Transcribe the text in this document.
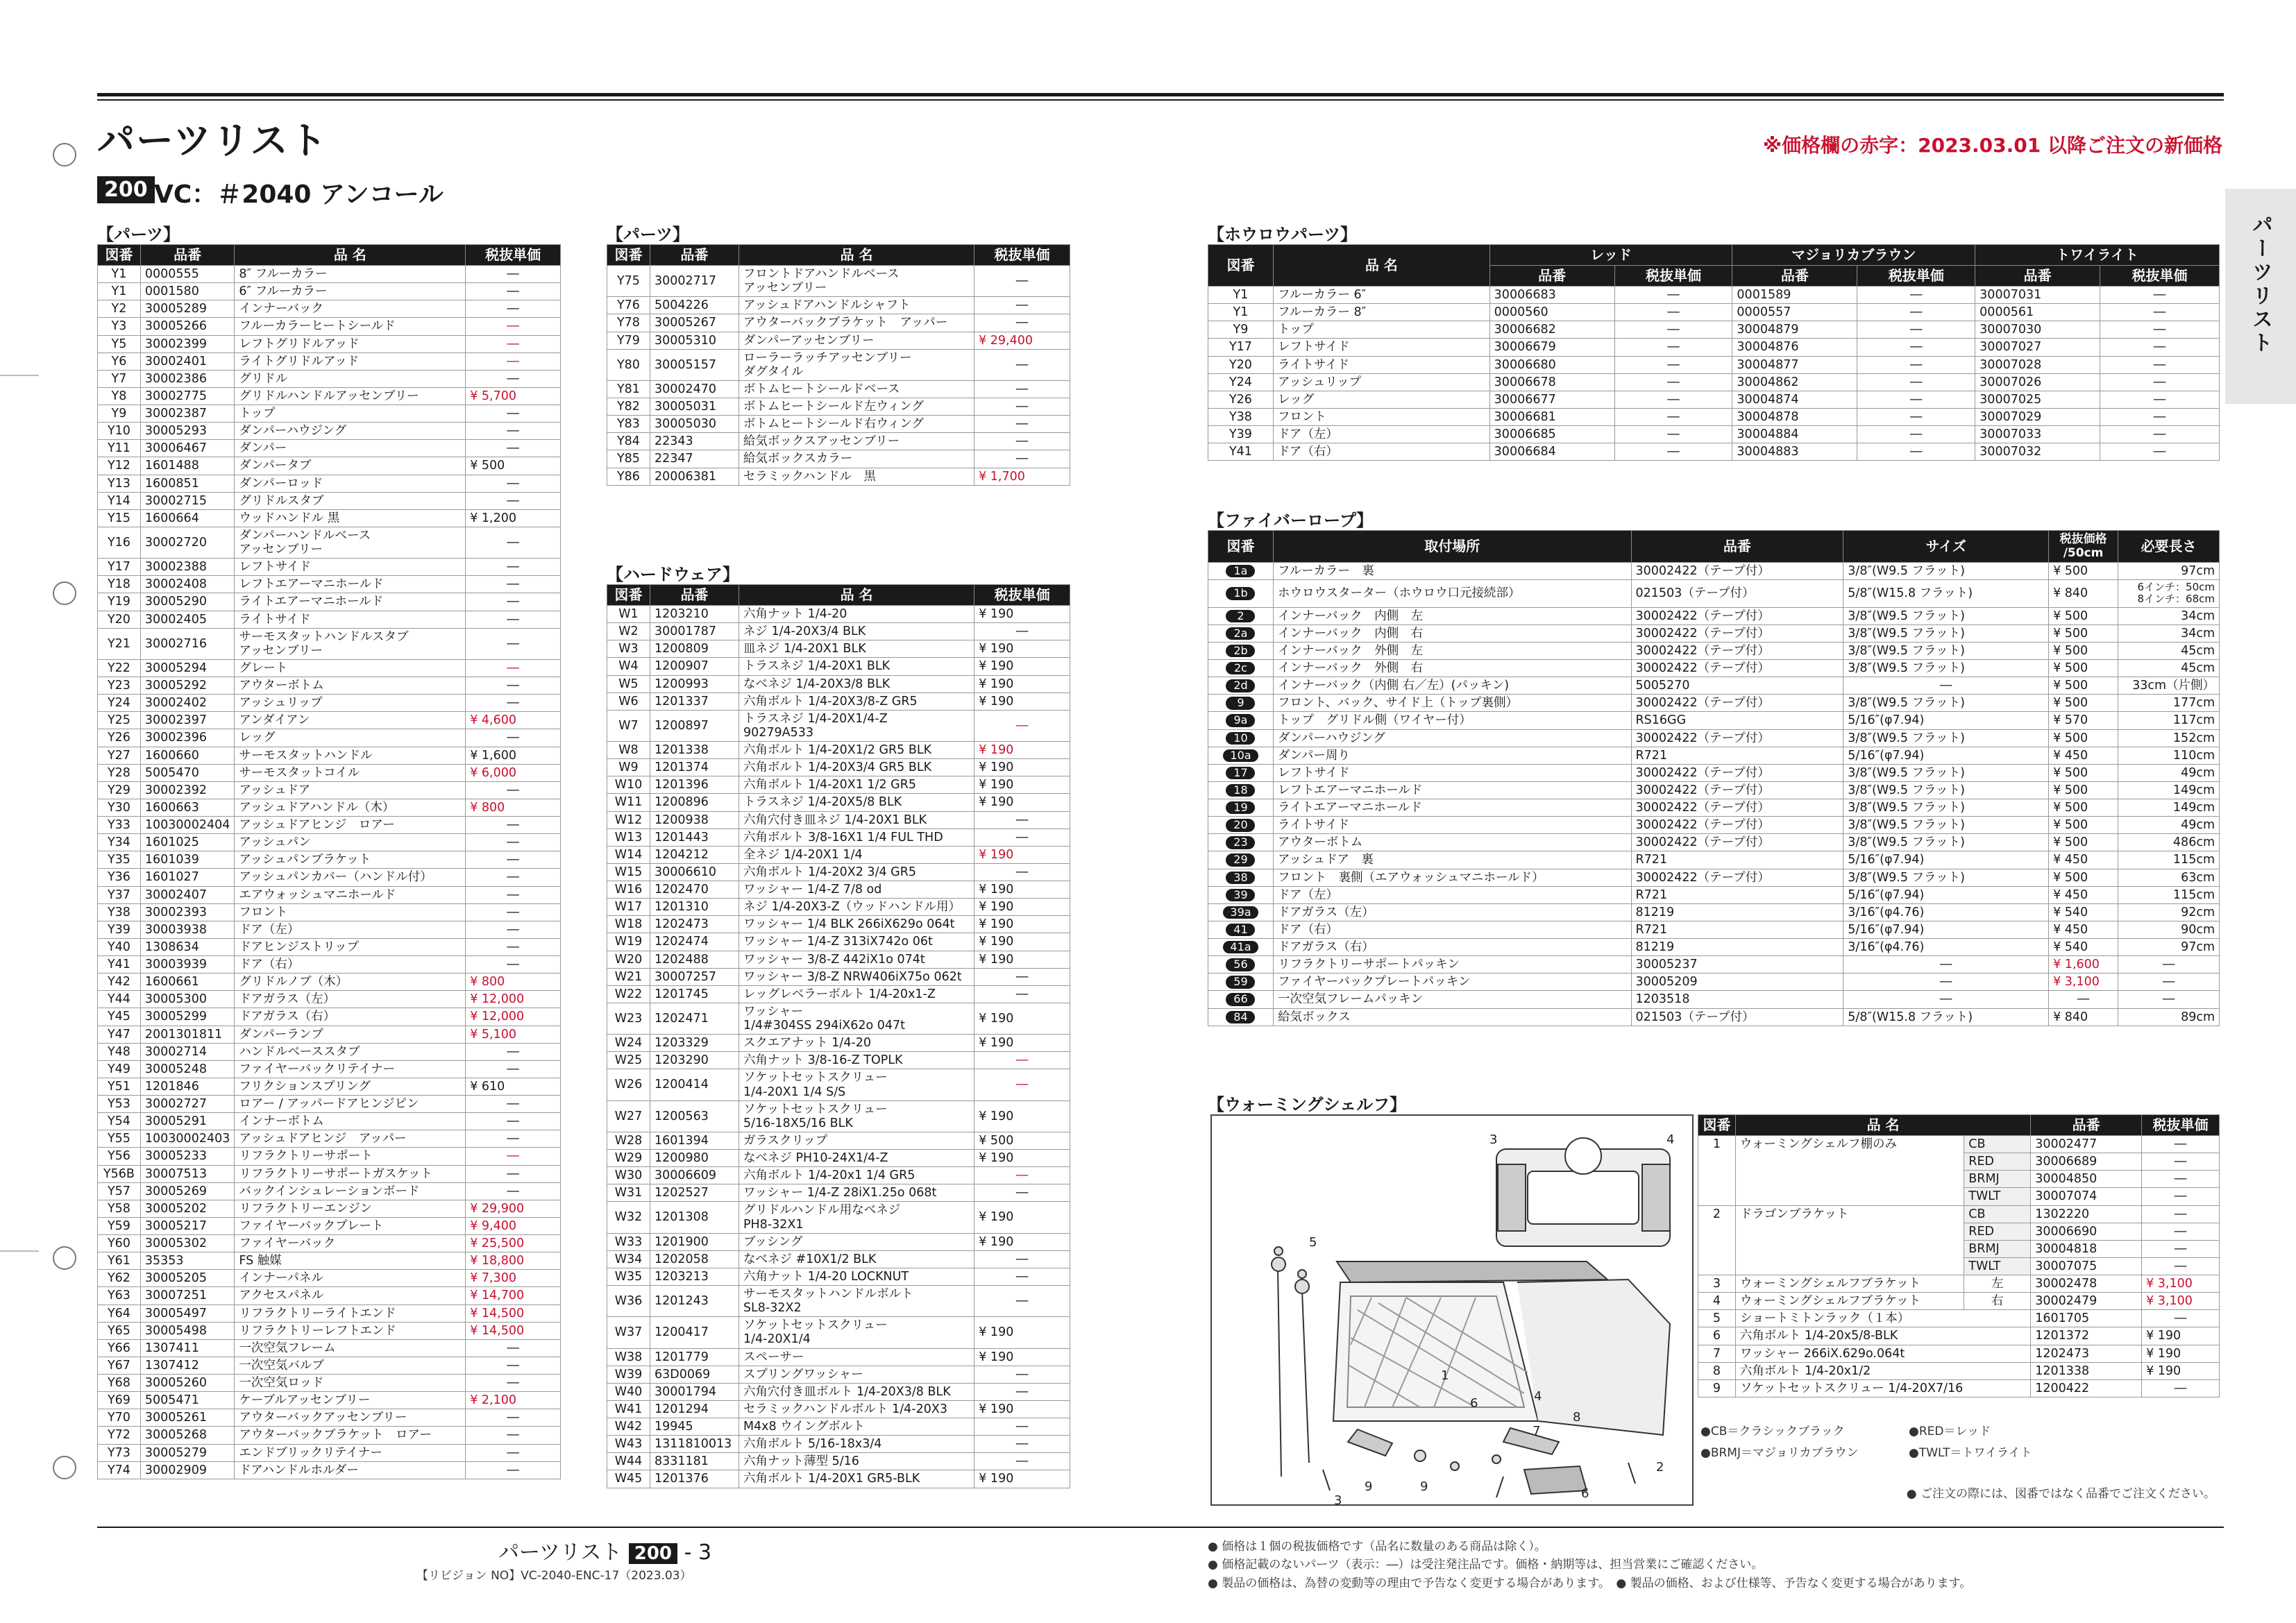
パーツリスト	※価格欄の赤字：2023.03.01 以降ご注文の新価格
200 VC：＃2040 アンコール
パーツリスト
【パーツ】
図番	品番	品 名	税抜単価
Y1	0000555	8″ フルーカラー	―
Y1	0001580	6″ フルーカラー	―
Y2	30005289	インナーバック	―
Y3	30005266	フルーカラーヒートシールド	―
Y5	30002399	レフトグリドルアッド	―
Y6	30002401	ライトグリドルアッド	―
Y7	30002386	グリドル	―
Y8	30002775	グリドルハンドルアッセンブリー	¥ 5,700
Y9	30002387	トップ	―
Y10	30005293	ダンパーハウジング	―
Y11	30006467	ダンパー	―
Y12	1601488	ダンパータブ	¥ 500
Y13	1600851	ダンパーロッド	―
Y14	30002715	グリドルスタブ	―
Y15	1600664	ウッドハンドル 黒	¥ 1,200
Y16	30002720	ダンパーハンドルベース
アッセンブリー	―
Y17	30002388	レフトサイド	―
Y18	30002408	レフトエアーマニホールド	―
Y19	30005290	ライトエアーマニホールド	―
Y20	30002405	ライトサイド	―
Y21	30002716	サーモスタットハンドルスタブ
アッセンブリー	―
Y22	30005294	グレート	―
Y23	30005292	アウターボトム	―
Y24	30002402	アッシュリップ	―
Y25	30002397	アンダイアン	¥ 4,600
Y26	30002396	レッグ	―
Y27	1600660	サーモスタットハンドル	¥ 1,600
Y28	5005470	サーモスタットコイル	¥ 6,000
Y29	30002392	アッシュドア	―
Y30	1600663	アッシュドアハンドル（木）	¥ 800
Y33	10030002404	アッシュドアヒンジ　ロアー	―
Y34	1601025	アッシュパン	―
Y35	1601039	アッシュパンブラケット	―
Y36	1601027	アッシュパンカバー（ハンドル付）	―
Y37	30002407	エアウォッシュマニホールド	―
Y38	30002393	フロント	―
Y39	30003938	ドア（左）	―
Y40	1308634	ドアヒンジストリップ	―
Y41	30003939	ドア（右）	―
Y42	1600661	グリドルノブ（木）	¥ 800
Y44	30005300	ドアガラス（左）	¥ 12,000
Y45	30005299	ドアガラス（右）	¥ 12,000
Y47	2001301811	ダンパーランプ	¥ 5,100
Y48	30002714	ハンドルベーススタブ	―
Y49	30005248	ファイヤーバックリテイナー	―
Y51	1201846	フリクションスプリング	¥ 610
Y53	30002727	ロアー / アッパードアヒンジピン	―
Y54	30005291	インナーボトム	―
Y55	10030002403	アッシュドアヒンジ　アッパー	―
Y56	30005233	リフラクトリーサポート	―
Y56B	30007513	リフラクトリーサポートガスケット	―
Y57	30005269	バックインシュレーションボード	―
Y58	30005202	リフラクトリーエンジン	¥ 29,900
Y59	30005217	ファイヤーバックプレート	¥ 9,400
Y60	30005302	ファイヤーバック	¥ 25,500
Y61	35353	FS 触媒	¥ 18,800
Y62	30005205	インナーパネル	¥ 7,300
Y63	30007251	アクセスパネル	¥ 14,700
Y64	30005497	リフラクトリーライトエンド	¥ 14,500
Y65	30005498	リフラクトリーレフトエンド	¥ 14,500
Y66	1307411	一次空気フレーム	―
Y67	1307412	一次空気バルブ	―
Y68	30005260	一次空気ロッド	―
Y69	5005471	ケーブルアッセンブリー	¥ 2,100
Y70	30005261	アウターバックアッセンブリー	―
Y72	30005268	アウターバックブラケット　ロアー	―
Y73	30005279	エンドブリックリテイナー	―
Y74	30002909	ドアハンドルホルダー	―
【パーツ】
図番	品番	品 名	税抜単価
Y75	30002717	フロントドアハンドルベース
アッセンブリー	―
Y76	5004226	アッシュドアハンドルシャフト	―
Y78	30005267	アウターバックブラケット　アッパー	―
Y79	30005310	ダンパーアッセンブリー	¥ 29,400
Y80	30005157	ローラーラッチアッセンブリー
ダグタイル	―
Y81	30002470	ボトムヒートシールドベース	―
Y82	30005031	ボトムヒートシールド左ウィング	―
Y83	30005030	ボトムヒートシールド右ウィング	―
Y84	22343	給気ボックスアッセンブリー	―
Y85	22347	給気ボックスカラー	―
Y86	20006381	セラミックハンドル　黒	¥ 1,700
【ハードウェア】
図番	品番	品 名	税抜単価
W1	1203210	六角ナット 1/4-20	¥ 190
W2	30001787	ネジ 1/4-20X3/4 BLK	―
W3	1200809	皿ネジ 1/4-20X1 BLK	¥ 190
W4	1200907	トラスネジ 1/4-20X1 BLK	¥ 190
W5	1200993	なべネジ 1/4-20X3/8 BLK	¥ 190
W6	1201337	六角ボルト 1/4-20X3/8-Z GR5	¥ 190
W7	1200897	トラスネジ 1/4-20X1/4-Z
90279A533	―
W8	1201338	六角ボルト 1/4-20X1/2 GR5 BLK	¥ 190
W9	1201374	六角ボルト 1/4-20X3/4 GR5 BLK	¥ 190
W10	1201396	六角ボルト 1/4-20X1 1/2 GR5	¥ 190
W11	1200896	トラスネジ 1/4-20X5/8 BLK	¥ 190
W12	1200938	六角穴付き皿ネジ 1/4-20X1 BLK	―
W13	1201443	六角ボルト 3/8-16X1 1/4 FUL THD	―
W14	1204212	全ネジ 1/4-20X1 1/4	¥ 190
W15	30006610	六角ボルト 1/4-20X2 3/4 GR5	―
W16	1202470	ワッシャー 1/4-Z 7/8 od	¥ 190
W17	1201310	ネジ 1/4-20X3-Z（ウッドハンドル用）	¥ 190
W18	1202473	ワッシャー 1/4 BLK 266iX629o 064t	¥ 190
W19	1202474	ワッシャー 1/4-Z 313iX742o 06t	¥ 190
W20	1202488	ワッシャー 3/8-Z 442iX1o 074t	¥ 190
W21	30007257	ワッシャー 3/8-Z NRW406iX75o 062t	―
W22	1201745	レッグレベラーボルト 1/4-20x1-Z	―
W23	1202471	ワッシャー
1/4#304SS 294iX62o 047t	¥ 190
W24	1203329	スクエアナット 1/4-20	¥ 190
W25	1203290	六角ナット 3/8-16-Z TOPLK	―
W26	1200414	ソケットセットスクリュー
1/4-20X1 1/4 S/S	―
W27	1200563	ソケットセットスクリュー
5/16-18X5/16 BLK	¥ 190
W28	1601394	ガラスクリップ	¥ 500
W29	1200980	なべネジ PH10-24X1/4-Z	¥ 190
W30	30006609	六角ボルト 1/4-20x1 1/4 GR5	―
W31	1202527	ワッシャー 1/4-Z 28iX1.25o 068t	―
W32	1201308	グリドルハンドル用なべネジ
PH8-32X1	¥ 190
W33	1201900	ブッシング	¥ 190
W34	1202058	なべネジ #10X1/2 BLK	―
W35	1203213	六角ナット 1/4-20 LOCKNUT	―
W36	1201243	サーモスタットハンドルボルト
SL8-32X2	―
W37	1200417	ソケットセットスクリュー
1/4-20X1/4	¥ 190
W38	1201779	スペーサー	¥ 190
W39	63D0069	スプリングワッシャー	―
W40	30001794	六角穴付き皿ボルト 1/4-20X3/8 BLK	―
W41	1201294	セラミックハンドルボルト 1/4-20X3	¥ 190
W42	19945	M4x8 ウイングボルト	―
W43	1311810013	六角ボルト 5/16-18x3/4	―
W44	8331181	六角ナット薄型 5/16	―
W45	1201376	六角ボルト 1/4-20X1 GR5-BLK	¥ 190
【ホウロウパーツ】
図番	品 名	レッド		マジョリカブラウン		トワイライト	
		品番	税抜単価	品番	税抜単価	品番	税抜単価
Y1	フルーカラー 6″	30006683	―	0001589	―	30007031	―
Y1	フルーカラー 8″	0000560	―	0000557	―	0000561	―
Y9	トップ	30006682	―	30004879	―	30007030	―
Y17	レフトサイド	30006679	―	30004876	―	30007027	―
Y20	ライトサイド	30006680	―	30004877	―	30007028	―
Y24	アッシュリップ	30006678	―	30004862	―	30007026	―
Y26	レッグ	30006677	―	30004874	―	30007025	―
Y38	フロント	30006681	―	30004878	―	30007029	―
Y39	ドア（左）	30006685	―	30004884	―	30007033	―
Y41	ドア（右）	30006684	―	30004883	―	30007032	―
【ファイバーロープ】
図番	取付場所	品番	サイズ	税抜価格
/50cm	必要長さ
1a	フルーカラー　裏	30002422（テープ付）	3/8″(W9.5 フラット)	¥ 500	97cm
1b	ホウロウスターター（ホウロウ口元接続部）	021503（テープ付）	5/8″(W15.8 フラット)	¥ 840	6インチ：50cm
8インチ：68cm
2	インナーバック　内側　左	30002422（テープ付）	3/8″(W9.5 フラット)	¥ 500	34cm
2a	インナーバック　内側　右	30002422（テープ付）	3/8″(W9.5 フラット)	¥ 500	34cm
2b	インナーバック　外側　左	30002422（テープ付）	3/8″(W9.5 フラット)	¥ 500	45cm
2c	インナーバック　外側　右	30002422（テープ付）	3/8″(W9.5 フラット)	¥ 500	45cm
2d	インナーバック（内側 右／左）(パッキン)	5005270	―	¥ 500	33cm（片側）
9	フロント、バック、サイド上（トップ裏側）	30002422（テープ付）	3/8″(W9.5 フラット)	¥ 500	177cm
9a	トップ　グリドル側（ワイヤー付）	RS16GG	5/16″(φ7.94)	¥ 570	117cm
10	ダンパーハウジング	30002422（テープ付）	3/8″(W9.5 フラット)	¥ 500	152cm
10a	ダンパー周り	R721	5/16″(φ7.94)	¥ 450	110cm
17	レフトサイド	30002422（テープ付）	3/8″(W9.5 フラット)	¥ 500	49cm
18	レフトエアーマニホールド	30002422（テープ付）	3/8″(W9.5 フラット)	¥ 500	149cm
19	ライトエアーマニホールド	30002422（テープ付）	3/8″(W9.5 フラット)	¥ 500	149cm
20	ライトサイド	30002422（テープ付）	3/8″(W9.5 フラット)	¥ 500	49cm
23	アウターボトム	30002422（テープ付）	3/8″(W9.5 フラット)	¥ 500	486cm
29	アッシュドア　裏	R721	5/16″(φ7.94)	¥ 450	115cm
38	フロント　裏側（エアウォッシュマニホールド）	30002422（テープ付）	3/8″(W9.5 フラット)	¥ 500	63cm
39	ドア（左）	R721	5/16″(φ7.94)	¥ 450	115cm
39a	ドアガラス（左）	81219	3/16″(φ4.76)	¥ 540	92cm
41	ドア（右）	R721	5/16″(φ7.94)	¥ 450	90cm
41a	ドアガラス（右）	81219	3/16″(φ4.76)	¥ 540	97cm
56	リフラクトリーサポートパッキン	30005237	―	¥ 1,600	―
59	ファイヤーバックプレートパッキン	30005209	―	¥ 3,100	―
66	一次空気フレームパッキン	1203518	―	―	―
84	給気ボックス	021503（テープ付）	5/8″(W15.8 フラット)	¥ 840	89cm
【ウォーミングシェルフ】
1
2
3
3
4
4
5
6
6
7
8
9	9
図番	品 名		品番	税抜単価
1	ウォーミングシェルフ棚のみ	CB	30002477	―
		RED	30006689	―
		BRMJ	30004850	―
		TWLT	30007074	―
2	ドラゴンブラケット	CB	1302220	―
		RED	30006690	―
		BRMJ	30004818	―
		TWLT	30007075	―
3	ウォーミングシェルフブラケット	左	30002478	¥ 3,100
4	ウォーミングシェルフブラケット	右	30002479	¥ 3,100
5	ショートミトンラック（１本）		1601705	―
6	六角ボルト 1/4-20x5/8-BLK		1201372	¥ 190
7	ワッシャー 266iX.629o.064t		1202473	¥ 190
8	六角ボルト 1/4-20x1/2		1201338	¥ 190
9	ソケットセットスクリュー 1/4-20X7/16		1200422	―
●CB＝クラシックブラック	●RED＝レッド
●BRMJ＝マジョリカブラウン	●TWLT＝トワイライト
● ご注文の際には、図番ではなく品番でご注文ください。
パーツリスト 200 - 3
【リビジョン NO】VC-2040-ENC-17（2023.03）
● 価格は１個の税抜価格です（品名に数量のある商品は除く）。
● 価格記載のないパーツ（表示：―）は受注発注品です。価格・納期等は、担当営業にご確認ください。
● 製品の価格は、為替の変動等の理由で予告なく変更する場合があります。　● 製品の価格、および仕様等、予告なく変更する場合があります。
